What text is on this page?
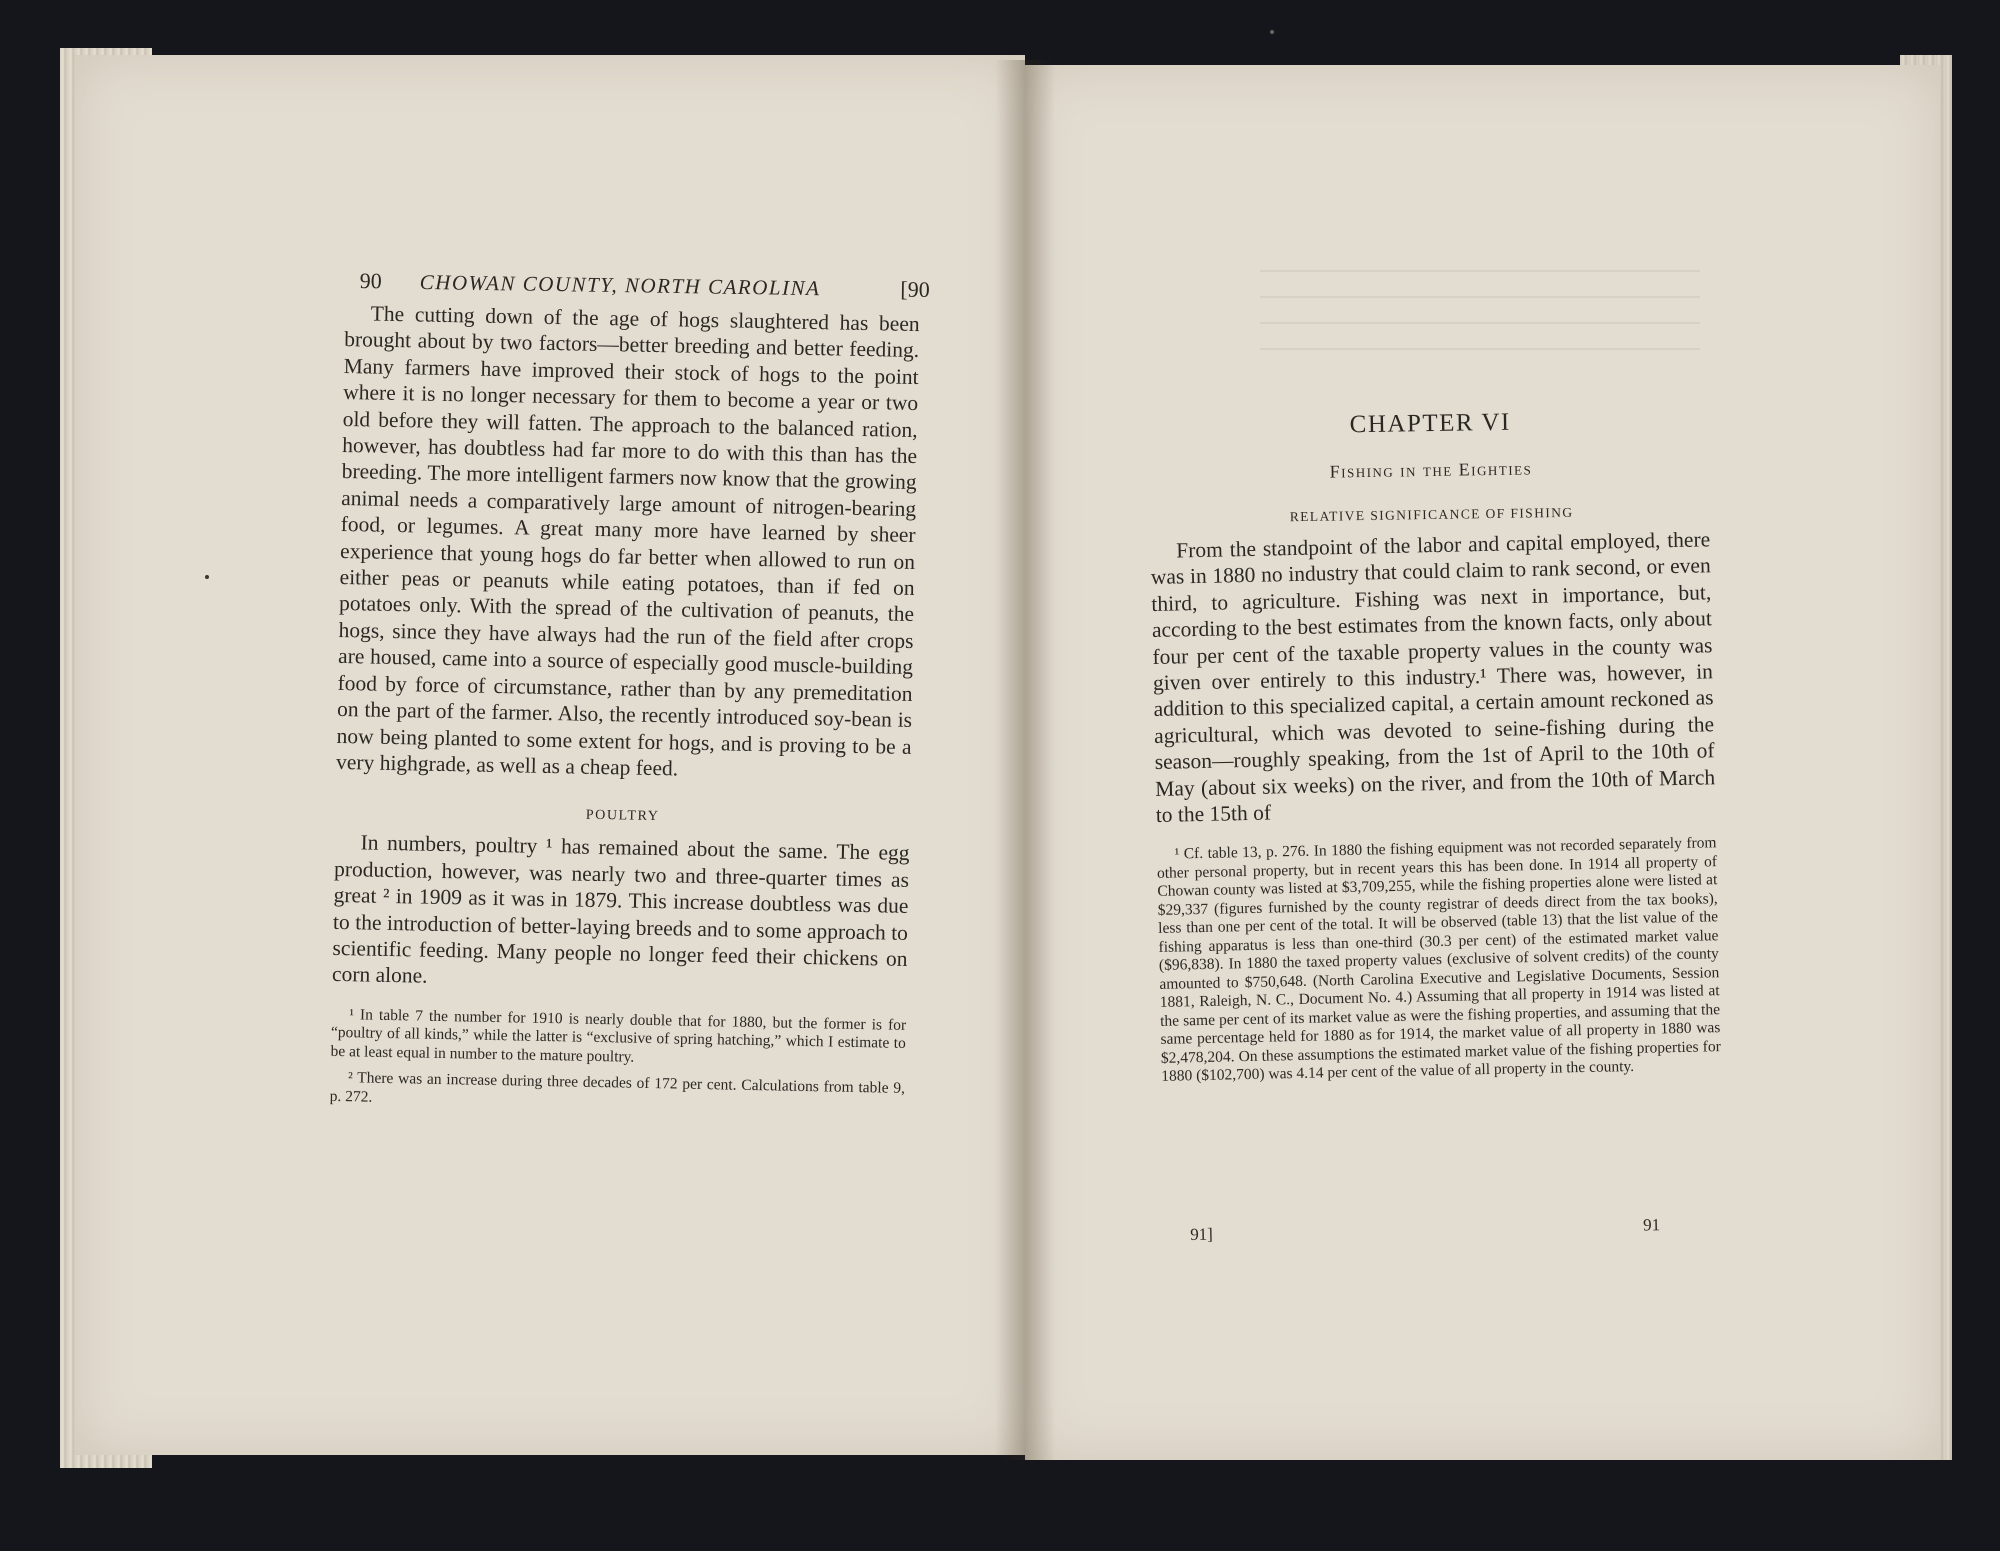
90	CHOWAN COUNTY, NORTH CAROLINA	[90

The cutting down of the age of hogs slaughtered has been brought about by two factors—better breeding and better feeding. Many farmers have improved their stock of hogs to the point where it is no longer necessary for them to become a year or two old before they will fatten. The approach to the balanced ration, however, has doubtless had far more to do with this than has the breeding. The more intelligent farmers now know that the growing animal needs a comparatively large amount of nitrogen-bearing food, or legumes. A great many more have learned by sheer experience that young hogs do far better when allowed to run on either peas or peanuts while eating potatoes, than if fed on potatoes only. With the spread of the cultivation of peanuts, the hogs, since they have always had the run of the field after crops are housed, came into a source of especially good muscle-building food by force of circumstance, rather than by any premeditation on the part of the farmer. Also, the recently introduced soy-bean is now being planted to some extent for hogs, and is proving to be a very highgrade, as well as a cheap feed.

POULTRY

In numbers, poultry ¹ has remained about the same. The egg production, however, was nearly two and three-quarter times as great ² in 1909 as it was in 1879. This increase doubtless was due to the introduction of better-laying breeds and to some approach to scientific feeding. Many people no longer feed their chickens on corn alone.

¹ In table 7 the number for 1910 is nearly double that for 1880, but the former is for “poultry of all kinds,” while the latter is “exclusive of spring hatching,” which I estimate to be at least equal in number to the mature poultry.

² There was an increase during three decades of 172 per cent. Calculations from table 9, p. 272.

CHAPTER VI

Fishing in the Eighties

RELATIVE SIGNIFICANCE OF FISHING

From the standpoint of the labor and capital employed, there was in 1880 no industry that could claim to rank second, or even third, to agriculture. Fishing was next in importance, but, according to the best estimates from the known facts, only about four per cent of the taxable property values in the county was given over entirely to this industry.¹ There was, however, in addition to this specialized capital, a certain amount reckoned as agricultural, which was devoted to seine-fishing during the season—roughly speaking, from the 1st of April to the 10th of May (about six weeks) on the river, and from the 10th of March to the 15th of

¹ Cf. table 13, p. 276. In 1880 the fishing equipment was not recorded separately from other personal property, but in recent years this has been done. In 1914 all property of Chowan county was listed at $3,709,255, while the fishing properties alone were listed at $29,337 (figures furnished by the county registrar of deeds direct from the tax books), less than one per cent of the total. It will be observed (table 13) that the list value of the fishing apparatus is less than one-third (30.3 per cent) of the estimated market value ($96,838). In 1880 the taxed property values (exclusive of solvent credits) of the county amounted to $750,648. (North Carolina Executive and Legislative Documents, Session 1881, Raleigh, N. C., Document No. 4.) Assuming that all property in 1914 was listed at the same per cent of its market value as were the fishing properties, and assuming that the same percentage held for 1880 as for 1914, the market value of all property in 1880 was $2,478,204. On these assumptions the estimated market value of the fishing properties for 1880 ($102,700) was 4.14 per cent of the value of all property in the county.

91]	91
